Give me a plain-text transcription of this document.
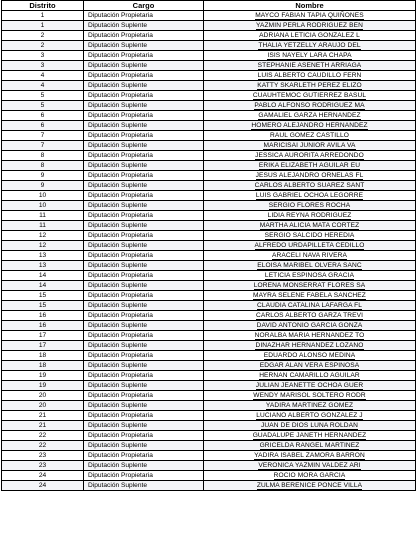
Distrito	Cargo	Nombre
1	Diputación Propietaria	MAYCO FABIAN TAPIA QUIÑONES
1	Diputación Suplente	YAZMIN PERLA RODRIGUEZ BEN
2	Diputación Propietaria	ADRIANA LETICIA GONZALEZ L
2	Diputación Suplente	THALIA YETZELLY ARAUJO DEL
3	Diputación Propietaria	ISIS NAYELY LARA CHAPA
3	Diputación Suplente	STEPHANIE ASENETH ARRIAGA
4	Diputación Propietaria	LUIS ALBERTO CAUDILLO FERN
4	Diputación Suplente	KATTY SKARLETH PEREZ ELIZO
5	Diputación Propietaria	CUAUHTEMOC GUTIERREZ BASUL
5	Diputación Suplente	PABLO ALFONSO RODRIGUEZ MA
6	Diputación Propietaria	GAMALIEL GARZA HERNANDEZ
6	Diputación Suplente	HOMERO ALEJANDRO HERNANDEZ
7	Diputación Propietaria	RAUL GOMEZ CASTILLO
7	Diputación Suplente	MARICISAI JUNIOR AVILA VA
8	Diputación Propietaria	JESSICA AURORITA ARREDONDO
8	Diputación Suplente	ERIKA ELIZABETH AGUILAR EU
9	Diputación Propietaria	JESUS ALEJANDRO ORNELAS FL
9	Diputación Suplente	CARLOS ALBERTO SUAREZ SANT
10	Diputación Propietaria	LUIS GABRIEL OCHOA LEGORRE
10	Diputación Suplente	SERGIO FLORES ROCHA
11	Diputación Propietaria	LIDIA REYNA RODRIGUEZ
11	Diputación Suplente	MARTHA ALICIA MATA CORTEZ
12	Diputación Propietaria	SERGIO SALCIDO HEREDIA
12	Diputación Suplente	ALFREDO URDAPILLETA CEDILLO
13	Diputación Propietaria	ARACELI NAVA RIVERA
13	Diputación Suplente	ELOISA MARIBEL OLVERA SANC
14	Diputación Propietaria	LETICIA ESPINOSA GRACIA
14	Diputación Suplente	LORENA MONSERRAT FLORES SA
15	Diputación Propietaria	MAYRA SELENE FABELA SANCHEZ
15	Diputación Suplente	CLAUDIA CATALINA LAFARGA FL
16	Diputación Propietaria	CARLOS ALBERTO GARZA TREVI
16	Diputación Suplente	DAVID ANTONIO GARCIA GONZA
17	Diputación Propietaria	NORALBA MARIA HERNANDEZ TO
17	Diputación Suplente	DINAZHAR HERNANDEZ LOZANO
18	Diputación Propietaria	EDUARDO ALONSO MEDINA
18	Diputación Suplente	EDGAR ALAN VERA ESPINOSA
19	Diputación Propietaria	HERNAN CAMARILLO AGUILAR
19	Diputación Suplente	JULIAN JEANETTE OCHOA GUER
20	Diputación Propietaria	WENDY MARISOL SOLTERO RODR
20	Diputación Suplente	YADIRA MARTINEZ GOMEZ
21	Diputación Propietaria	LUCIANO ALBERTO GONZALEZ J
21	Diputación Suplente	JUAN DE DIOS LUNA ROLDAN
22	Diputación Propietaria	GUADALUPE JANETH HERNANDEZ
22	Diputación Suplente	GRICELDA RANGEL MARTINEZ
23	Diputación Propietaria	YADIRA ISABEL ZAMORA BARRON
23	Diputación Suplente	VERONICA YAZMIN VALDEZ ARI
24	Diputación Propietaria	ROCIO MORA GARCIA
24	Diputación Suplente	ZULMA BERENICE PONCE VILLA
